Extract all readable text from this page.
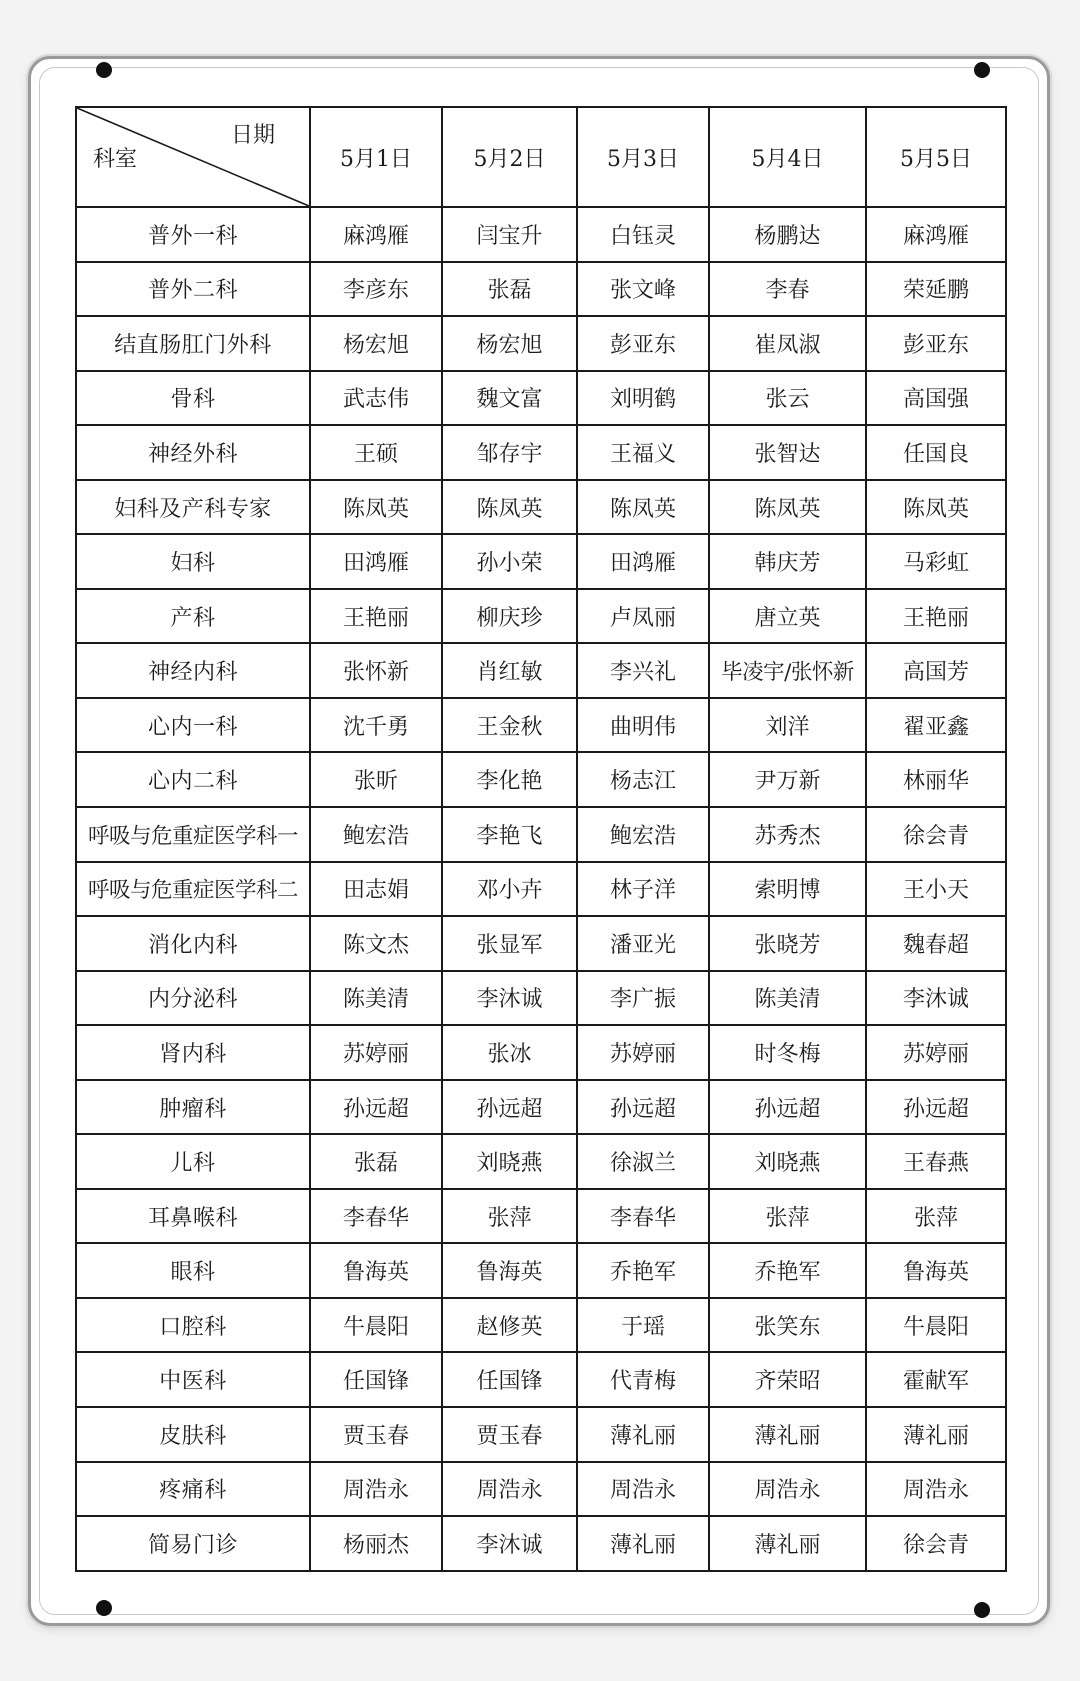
日期
科室	5月1日	5月2日	5月3日	5月4日	5月5日
普外一科	麻鸿雁	闫宝升	白钰灵	杨鹏达	麻鸿雁
普外二科	李彦东	张磊	张文峰	李春	荣延鹏
结直肠肛门外科	杨宏旭	杨宏旭	彭亚东	崔凤淑	彭亚东
骨科	武志伟	魏文富	刘明鹤	张云	高国强
神经外科	王硕	邹存宇	王福义	张智达	任国良
妇科及产科专家	陈凤英	陈凤英	陈凤英	陈凤英	陈凤英
妇科	田鸿雁	孙小荣	田鸿雁	韩庆芳	马彩虹
产科	王艳丽	柳庆珍	卢凤丽	唐立英	王艳丽
神经内科	张怀新	肖红敏	李兴礼	毕凌宇/张怀新	高国芳
心内一科	沈千勇	王金秋	曲明伟	刘洋	翟亚鑫
心内二科	张昕	李化艳	杨志江	尹万新	林丽华
呼吸与危重症医学科一	鲍宏浩	李艳飞	鲍宏浩	苏秀杰	徐会青
呼吸与危重症医学科二	田志娟	邓小卉	林子洋	索明博	王小天
消化内科	陈文杰	张显军	潘亚光	张晓芳	魏春超
内分泌科	陈美清	李沐诚	李广振	陈美清	李沐诚
肾内科	苏婷丽	张冰	苏婷丽	时冬梅	苏婷丽
肿瘤科	孙远超	孙远超	孙远超	孙远超	孙远超
儿科	张磊	刘晓燕	徐淑兰	刘晓燕	王春燕
耳鼻喉科	李春华	张萍	李春华	张萍	张萍
眼科	鲁海英	鲁海英	乔艳军	乔艳军	鲁海英
口腔科	牛晨阳	赵修英	于瑶	张笑东	牛晨阳
中医科	任国锋	任国锋	代青梅	齐荣昭	霍献军
皮肤科	贾玉春	贾玉春	薄礼丽	薄礼丽	薄礼丽
疼痛科	周浩永	周浩永	周浩永	周浩永	周浩永
简易门诊	杨丽杰	李沐诚	薄礼丽	薄礼丽	徐会青
